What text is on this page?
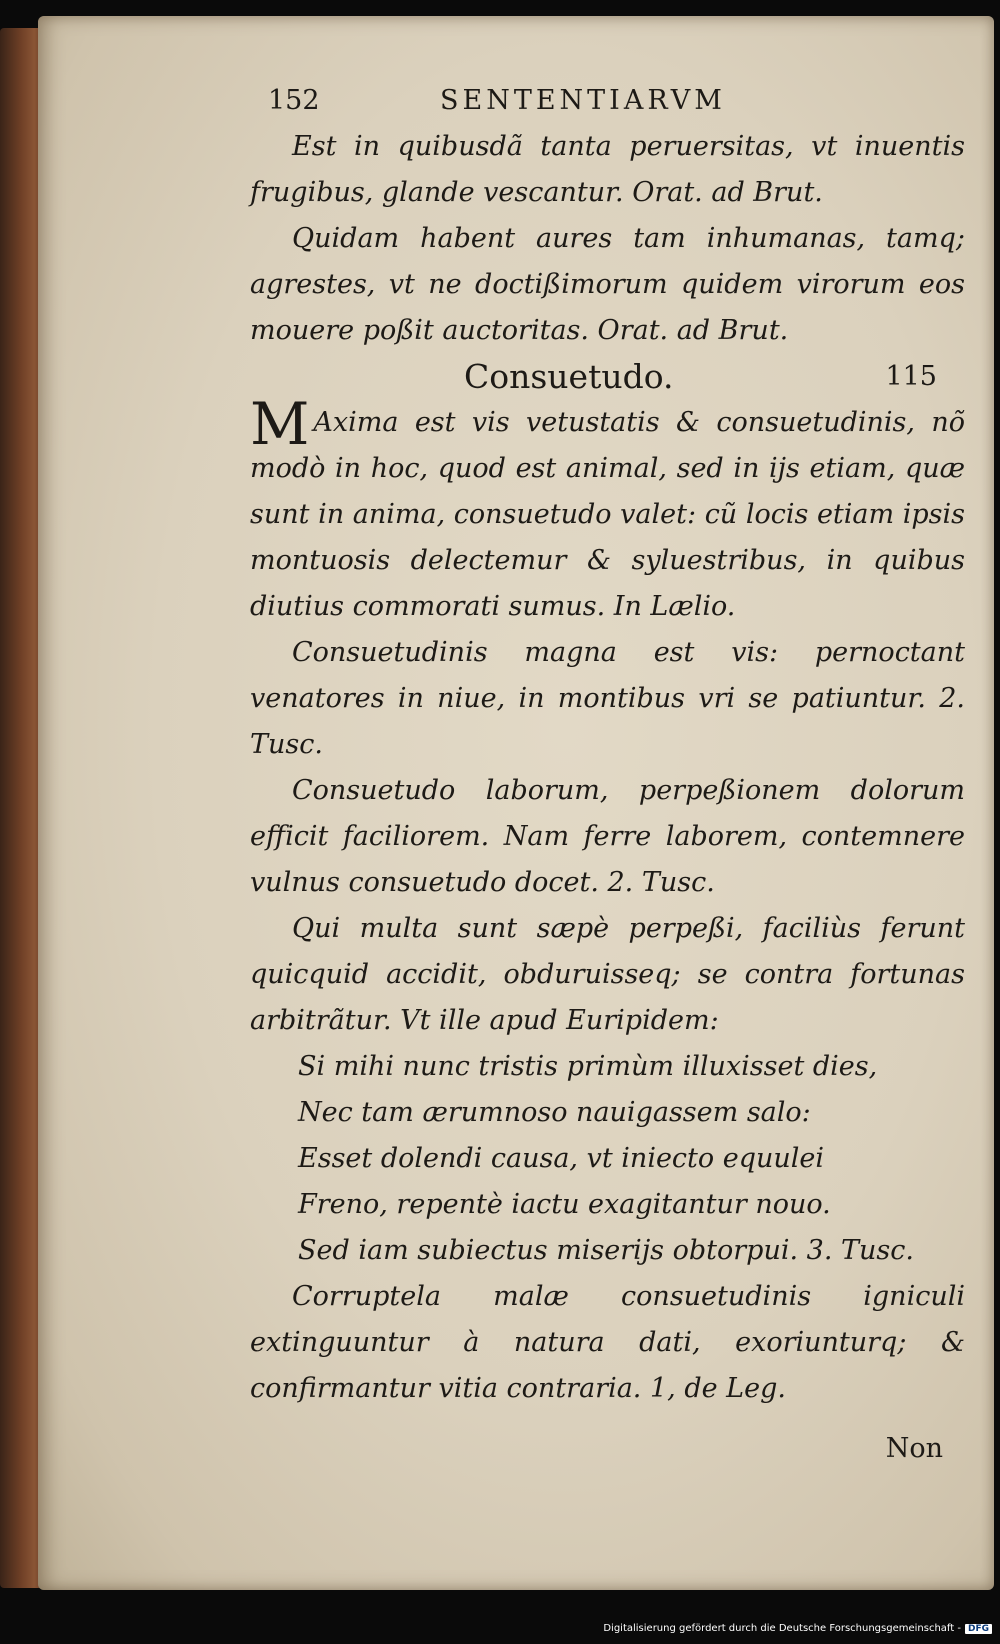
152	SENTENTIARVM

Est in quibusdã tanta peruersitas, vt inuentis frugibus, glande vescantur. Orat. ad Brut.

Quidam habent aures tam inhumanas, tamq; agrestes, vt ne doctißimorum quidem virorum eos mouere poßit auctoritas. Orat. ad Brut.

Consuetudo.	115

M Axima est vis vetustatis & consuetudinis, nõ modò in hoc, quod est animal, sed in ijs etiam, quæ sunt in anima, consuetudo valet: cũ locis etiam ipsis montuosis delectemur & syluestribus, in quibus diutius commorati sumus. In Lælio.

Consuetudinis magna est vis: pernoctant venatores in niue, in montibus vri se patiuntur. 2. Tusc.

Consuetudo laborum, perpeßionem dolorum efficit faciliorem. Nam ferre laborem, contemnere vulnus consuetudo docet. 2. Tusc.

Qui multa sunt sæpè perpeßi, faciliùs ferunt quicquid accidit, obduruisseq; se contra fortunas arbitrãtur. Vt ille apud Euripidem:

Si mihi nunc tristis primùm illuxisset dies,

Nec tam ærumnoso nauigassem salo:

Esset dolendi causa, vt iniecto equulei

Freno, repentè iactu exagitantur nouo.

Sed iam subiectus miserijs obtorpui. 3. Tusc.

Corruptela malæ consuetudinis igniculi extinguuntur à natura dati, exoriunturq; & confirmantur vitia contraria. 1, de Leg.

Non
Digitalisierung gefördert durch die Deutsche Forschungsgemeinschaft - DFG
